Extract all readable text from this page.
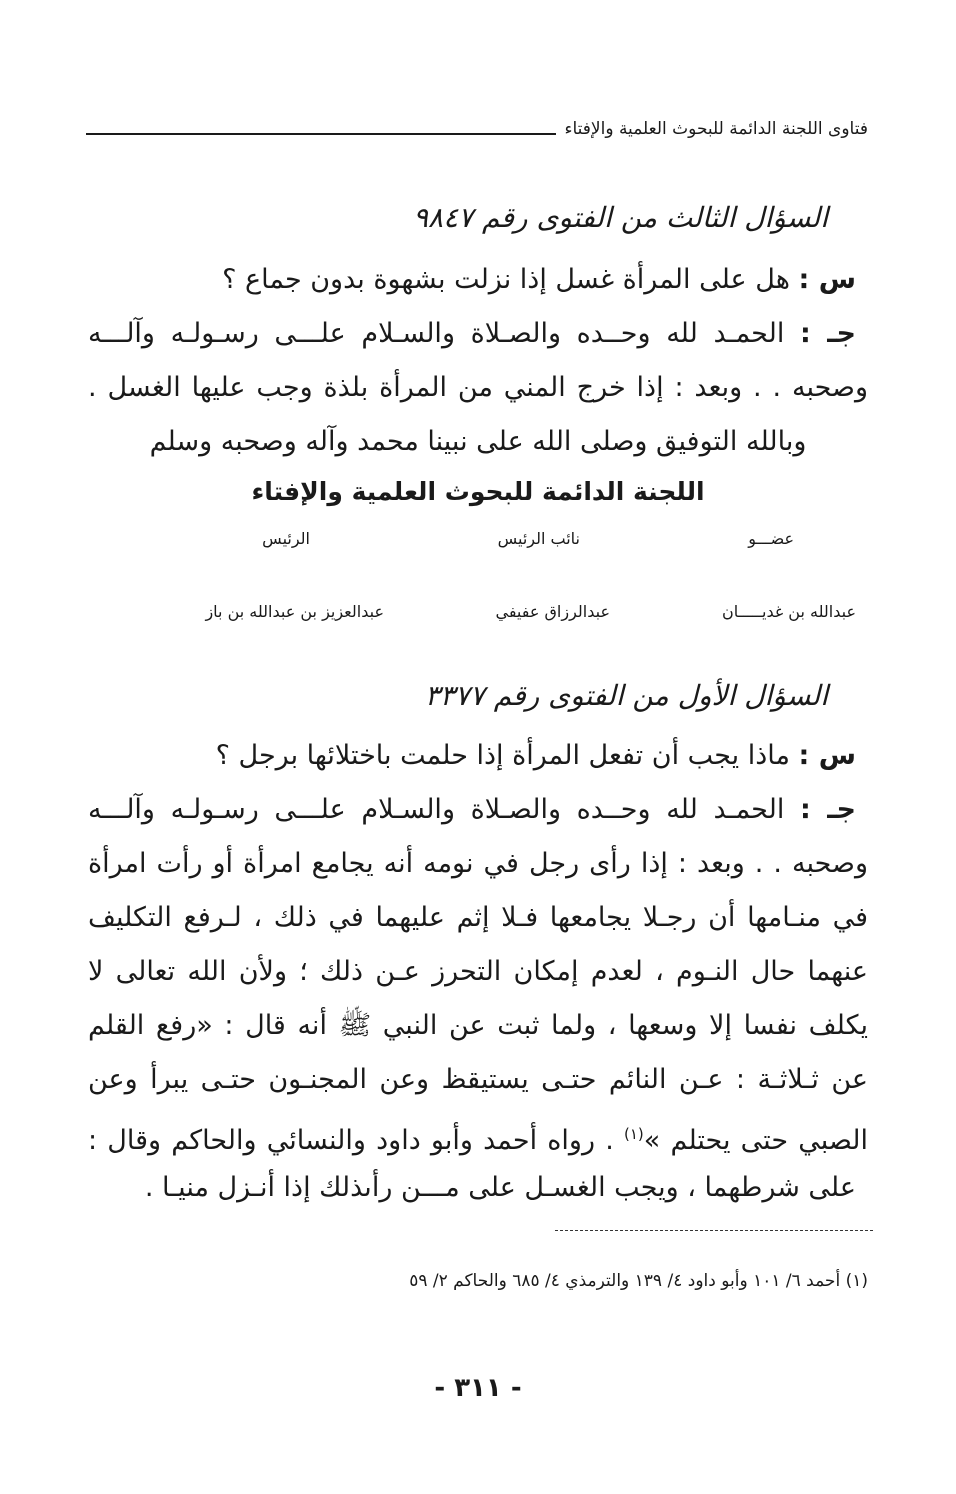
فتاوى اللجنة الدائمة للبحوث العلمية والإفتاء
السؤال الثالث من الفتوى رقم ٩٨٤٧
س : هل على المرأة غسل إذا نزلت بشهوة بدون جماع ؟
جـ : الحمـد لله وحــده والصـلاة والسـلام علـــى رسـولـه وآلـــه
وصحبه . . وبعد : إذا خرج المني من المرأة بلذة وجب عليها الغسل .
وبالله التوفيق وصلى الله على نبينا محمد وآله وصحبه وسلم
اللجنة الدائمة للبحوث العلمية والإفتاء
عضـــو
نائب الرئيس
الرئيس
عبدالله بن غديـــــان
عبدالرزاق عفيفي
عبدالعزيز بن عبدالله بن باز
السؤال الأول من الفتوى رقم ٣٣٧٧
س : ماذا يجب أن تفعل المرأة إذا حلمت باختلائها برجل ؟
جـ : الحمـد لله وحــده والصـلاة والسـلام علـــى رسـولـه وآلـــه
وصحبه . . وبعد : إذا رأى رجل في نومه أنه يجامع امرأة أو رأت امرأة
في منـامها أن رجـلا يجامعها فـلا إثم عليهما في ذلك ، لـرفع التكليف
عنهما حال النـوم ، لعدم إمكان التحرز عـن ذلك ؛ ولأن الله تعالى لا
يكلف نفسا إلا وسعها ، ولما ثبت عن النبي ﷺ أنه قال : «رفع القلم
عن ثـلاثـة : عـن النائم حتـى يستيقظ وعن المجنـون حتـى يبرأ وعن
الصبي حتى يحتلم »$^{(١)}$ . رواه أحمد وأبو داود والنسائي والحاكم وقال :
على شرطهما ، ويجب الغسـل على مـــن رأىذلك إذا أنـزل منيـا .
(١) أحمد ٦/ ١٠١ وأبو داود ٤/ ١٣٩ والترمذي ٤/ ٦٨٥ والحاكم ٢/ ٥٩
- ٣١١ -
